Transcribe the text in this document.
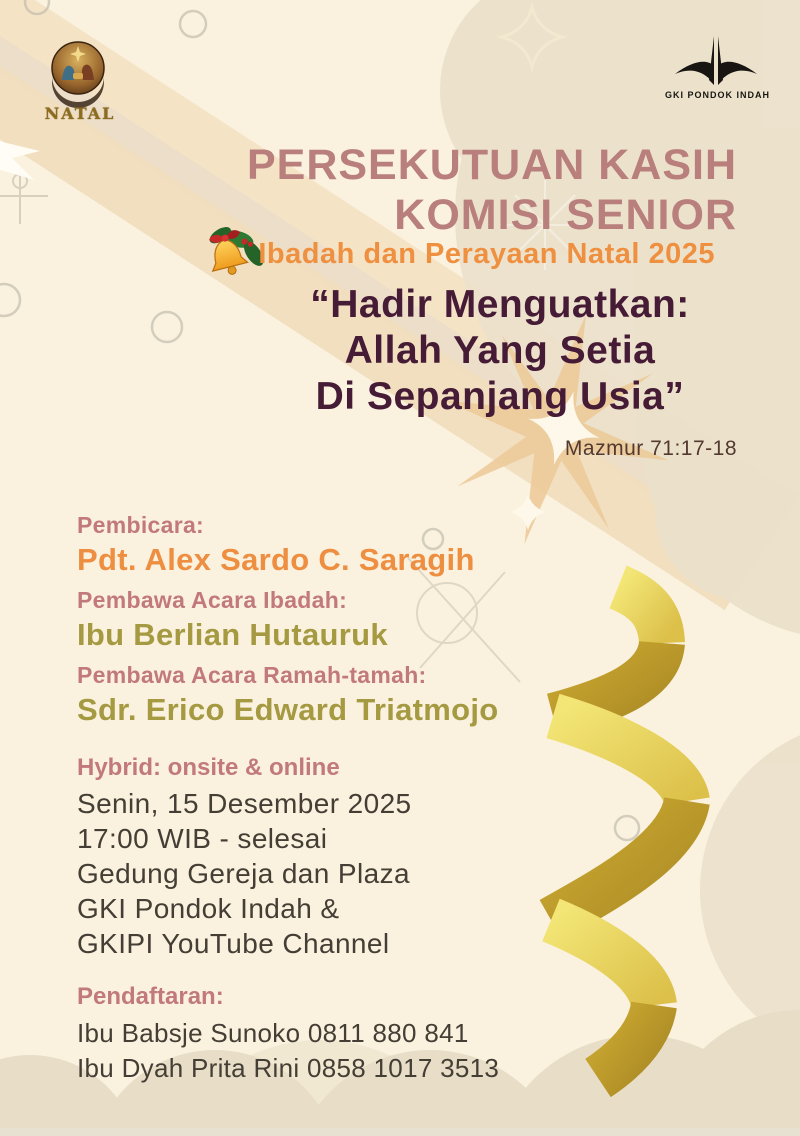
NATAL
GKI PONDOK INDAH
PERSEKUTUAN KASIH
KOMISI SENIOR
Ibadah dan Perayaan Natal 2025
“Hadir Menguatkan:
Allah Yang Setia
Di Sepanjang Usia”
Mazmur 71:17-18
Pembicara:
Pdt. Alex Sardo C. Saragih
Pembawa Acara Ibadah:
Ibu Berlian Hutauruk
Pembawa Acara Ramah-tamah:
Sdr. Erico Edward Triatmojo
Hybrid: onsite & online
Senin, 15 Desember 2025
17:00 WIB - selesai
Gedung Gereja dan Plaza
GKI Pondok Indah &
GKIPI YouTube Channel
Pendaftaran:
Ibu Babsje Sunoko 0811 880 841
Ibu Dyah Prita Rini 0858 1017 3513
